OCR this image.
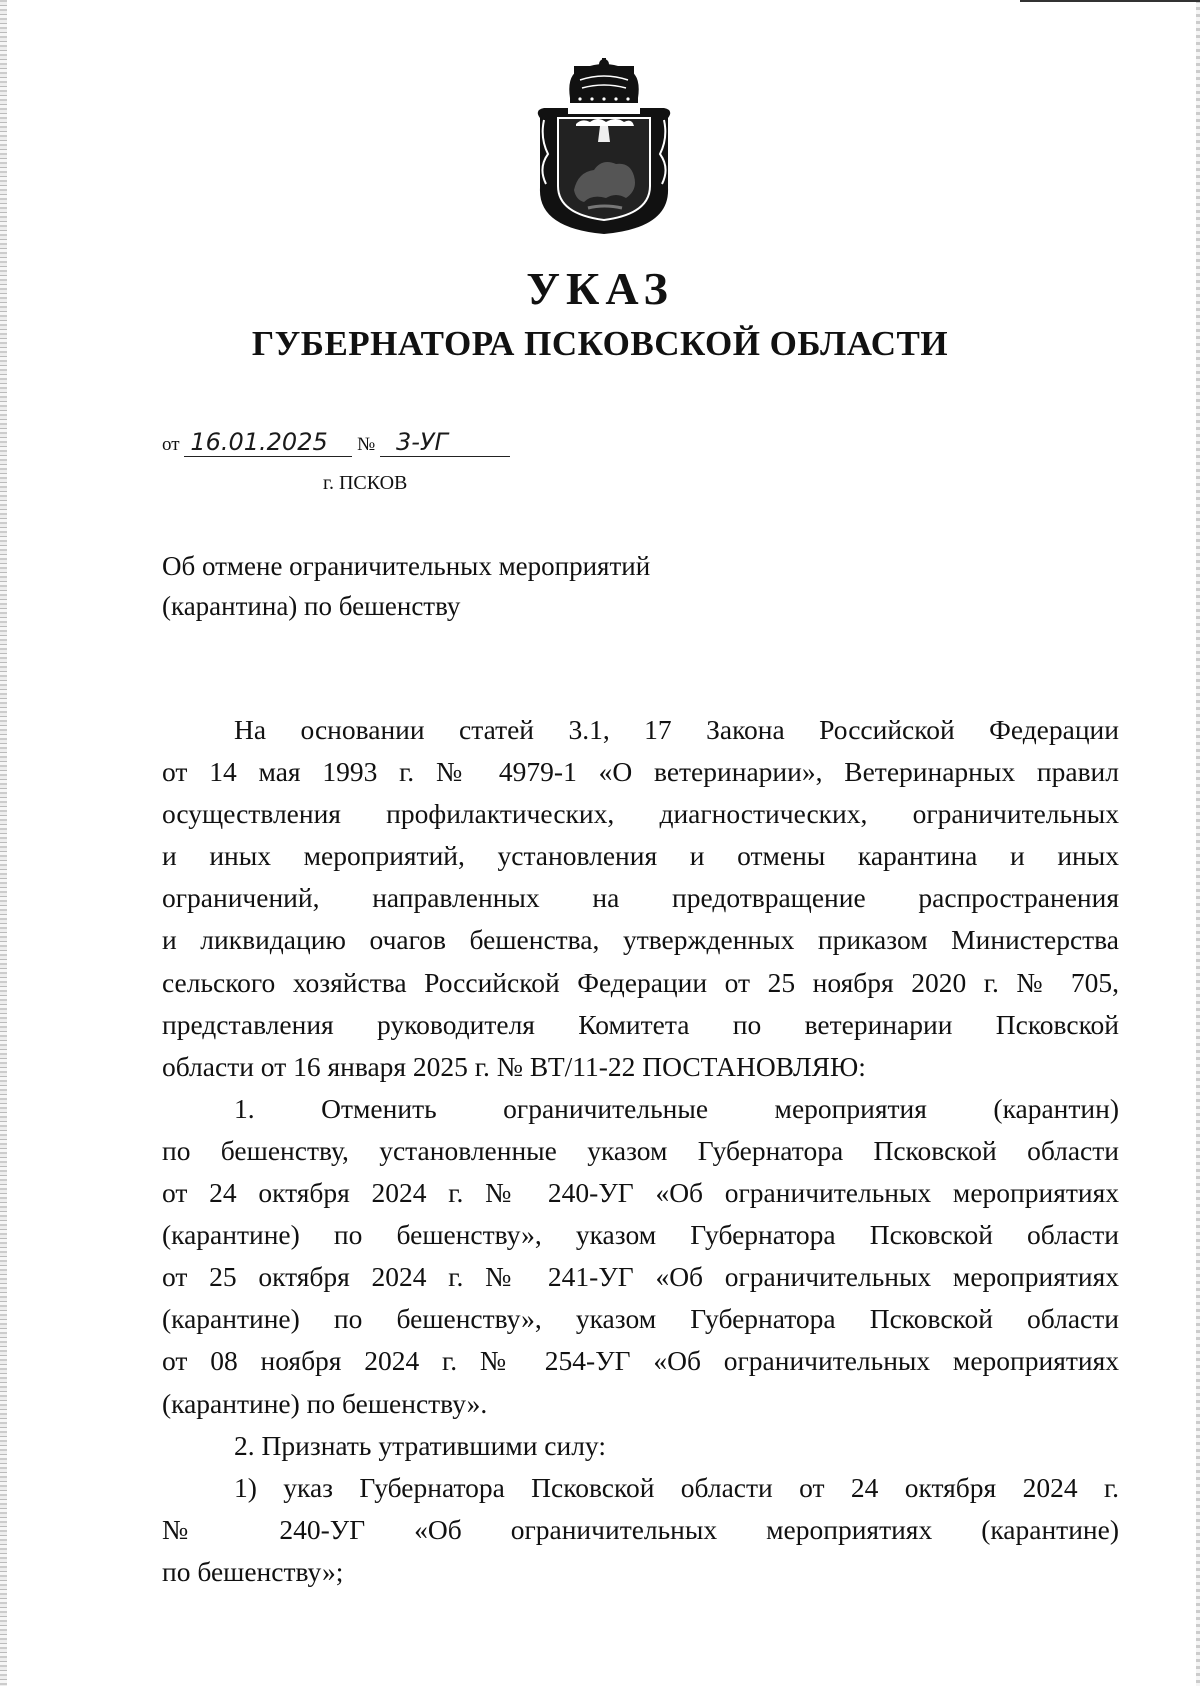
УКАЗ
ГУБЕРНАТОРА ПСКОВСКОЙ ОБЛАСТИ
от 16.01.2025 № 3-УГ
г. ПСКОВ
Об отмене ограничительных мероприятий
(карантина) по бешенству
На основании статей 3.1, 17 Закона Российской Федерации
от 14 мая 1993 г. № 4979-1 «О ветеринарии», Ветеринарных правил
осуществления профилактических, диагностических, ограничительных
и иных мероприятий, установления и отмены карантина и иных
ограничений, направленных на предотвращение распространения
и ликвидацию очагов бешенства, утвержденных приказом Министерства
сельского хозяйства Российской Федерации от 25 ноября 2020 г. № 705,
представления руководителя Комитета по ветеринарии Псковской
области от 16 января 2025 г. № ВТ/11-22 ПОСТАНОВЛЯЮ:
1. Отменить ограничительные мероприятия (карантин)
по бешенству, установленные указом Губернатора Псковской области
от 24 октября 2024 г. № 240-УГ «Об ограничительных мероприятиях
(карантине) по бешенству», указом Губернатора Псковской области
от 25 октября 2024 г. № 241-УГ «Об ограничительных мероприятиях
(карантине) по бешенству», указом Губернатора Псковской области
от 08 ноября 2024 г. № 254-УГ «Об ограничительных мероприятиях
(карантине) по бешенству».
2. Признать утратившими силу:
1) указ Губернатора Псковской области от 24 октября 2024 г.
№ 240-УГ «Об ограничительных мероприятиях (карантине)
по бешенству»;
